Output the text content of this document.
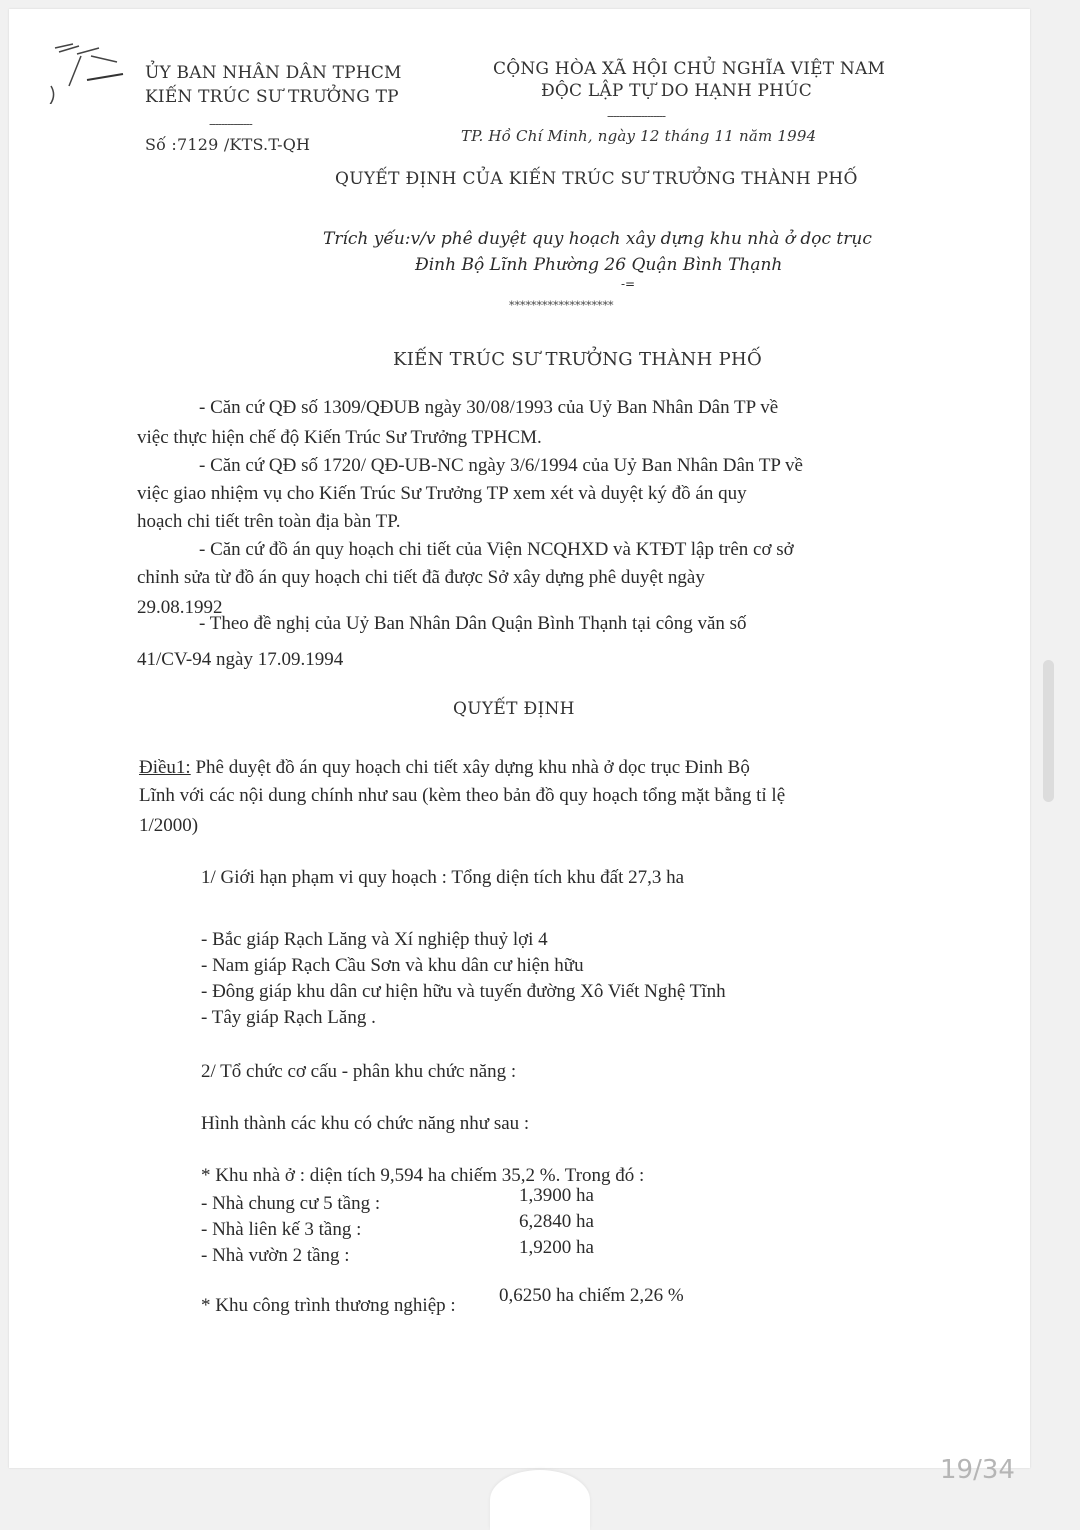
ỦY BAN NHÂN DÂN TPHCM
KIẾN TRÚC SƯ TRƯỞNG TP
--------------
Số :7129 /KTS.T-QH
CỘNG HÒA XÃ HỘI CHỦ NGHĨA VIỆT NAM
ĐỘC LẬP TỰ DO HẠNH PHÚC
-------------------
TP. Hồ Chí Minh, ngày 12 tháng 11 năm 1994
QUYẾT ĐỊNH CỦA KIẾN TRÚC SƯ TRƯỞNG THÀNH PHỐ
Trích yếu:v/v phê duyệt quy hoạch xây dựng khu nhà ở dọc trục
Đinh Bộ Lĩnh Phường 26 Quận Bình Thạnh
-=
*******************
KIẾN TRÚC SƯ TRƯỞNG THÀNH PHỐ
- Căn cứ QĐ số 1309/QĐUB ngày 30/08/1993 của Uỷ Ban Nhân Dân TP về
việc thực hiện chế độ Kiến Trúc Sư Trưởng TPHCM.
- Căn cứ QĐ số 1720/ QĐ-UB-NC ngày 3/6/1994 của Uỷ Ban Nhân Dân TP về
việc giao nhiệm vụ cho Kiến Trúc Sư Trưởng TP xem xét và duyệt ký đồ án quy
hoạch chi tiết trên toàn địa bàn TP.
- Căn cứ đồ án quy hoạch chi tiết của Viện NCQHXD và KTĐT lập trên cơ sở
chỉnh sửa từ đồ án quy hoạch chi tiết đã được Sở xây dựng phê duyệt ngày
29.08.1992
- Theo đề nghị của Uỷ Ban Nhân Dân Quận Bình Thạnh tại công văn số
41/CV-94 ngày 17.09.1994
QUYẾT ĐỊNH
Điều1: Phê duyệt đồ án quy hoạch chi tiết xây dựng khu nhà ở dọc trục Đinh Bộ
Lĩnh với các nội dung chính như sau (kèm theo bản đồ quy hoạch tổng mặt bằng tỉ lệ
1/2000)
1/ Giới hạn phạm vi quy hoạch : Tổng diện tích khu đất 27,3 ha
- Bắc giáp Rạch Lăng và Xí nghiệp thuỷ lợi 4
- Nam giáp Rạch Cầu Sơn và khu dân cư hiện hữu
- Đông giáp khu dân cư hiện hữu và tuyến đường Xô Viết Nghệ Tĩnh
- Tây giáp Rạch Lăng .
2/ Tổ chức cơ cấu - phân khu chức năng :
Hình thành các khu có chức năng như sau :
* Khu nhà ở : diện tích 9,594 ha chiếm 35,2 %. Trong đó :
- Nhà chung cư 5 tầng :	1,3900 ha
- Nhà liên kế 3 tầng :	6,2840 ha
- Nhà vườn 2 tầng :	1,9200 ha
* Khu công trình thương nghiệp : 0,6250 ha chiếm 2,26 %
19/34
